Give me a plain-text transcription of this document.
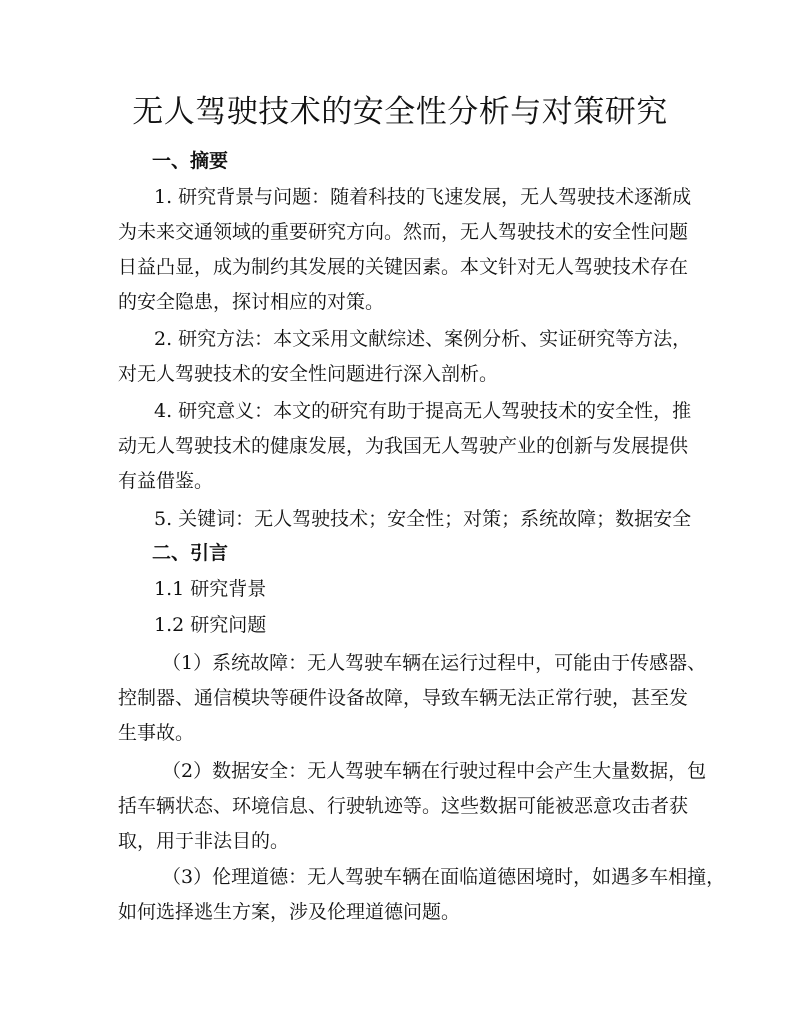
无人驾驶技术的安全性分析与对策研究
一、摘要
1. 研究背景与问题：随着科技的飞速发展，无人驾驶技术逐渐成
为未来交通领域的重要研究方向。然而，无人驾驶技术的安全性问题
日益凸显，成为制约其发展的关键因素。本文针对无人驾驶技术存在
的安全隐患，探讨相应的对策。
2. 研究方法：本文采用文献综述、案例分析、实证研究等方法，
对无人驾驶技术的安全性问题进行深入剖析。
4. 研究意义：本文的研究有助于提高无人驾驶技术的安全性，推
动无人驾驶技术的健康发展，为我国无人驾驶产业的创新与发展提供
有益借鉴。
5. 关键词：无人驾驶技术；安全性；对策；系统故障；数据安全
二、引言
1.1 研究背景
1.2 研究问题
（1）系统故障：无人驾驶车辆在运行过程中，可能由于传感器、
控制器、通信模块等硬件设备故障，导致车辆无法正常行驶，甚至发
生事故。
（2）数据安全：无人驾驶车辆在行驶过程中会产生大量数据，包
括车辆状态、环境信息、行驶轨迹等。这些数据可能被恶意攻击者获
取，用于非法目的。
（3）伦理道德：无人驾驶车辆在面临道德困境时，如遇多车相撞，
如何选择逃生方案，涉及伦理道德问题。
